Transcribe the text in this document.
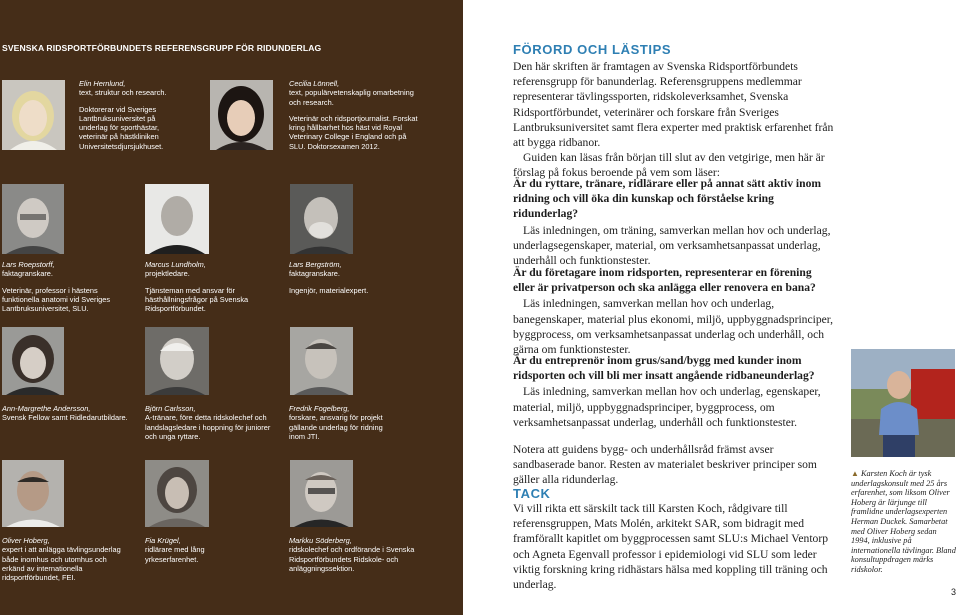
SVENSKA RIDSPORTFÖRBUNDETS REFERENSGRUPP FÖR RIDUNDERLAG
Elin Hernlund,
text, struktur och research.
Doktorerar vid Sveriges Lantbruksuniversitet på underlag för sporthästar, veterinär på hästkliniken Universitetsdjursjukhuset.
Cecilia Lönnell,
text, populärvetenskaplig omarbetning och research.
Veterinär och ridsportjournalist. Forskat kring hållbarhet hos häst vid Royal Veterinary College i England och på SLU. Doktorsexamen 2012.
Lars Roepstorff,
faktagranskare.
Veterinär, professor i hästens funktionella anatomi vid Sveriges Lantbruksuniversitet, SLU.
Marcus Lundholm,
projektledare.
Tjänsteman med ansvar för hästhållningsfrågor på Svenska Ridsportförbundet.
Lars Bergström,
faktagranskare.
Ingenjör, materialexpert.
Ann-Margrethe Andersson,
Svensk Fellow samt Ridledarutbildare.
Björn Carlsson,
A-tränare, före detta ridskolechef och landslagsledare i hoppning för juniorer och unga ryttare.
Fredrik Fogelberg,
forskare, ansvarig för projekt gällande underlag för ridning inom JTI.
Oliver Hoberg,
expert i att anlägga tävlingsunderlag både inomhus och utomhus och erkänd av internationella ridsportförbundet, FEI.
Fia Krügel,
ridlärare med lång yrkeserfarenhet.
Markku Söderberg,
ridskolechef och ordförande i Svenska Ridsportförbundets Ridskole- och anläggningssektion.
FÖRORD OCH LÄSTIPS

Den här skriften är framtagen av Svenska Ridsportförbundets referensgrupp för banunderlag. Referensgruppens medlemmar representerar tävlingssporten, ridskoleverksamhet, Svenska Ridsportförbundet, veterinärer och forskare från Sveriges Lantbruksuniversitet samt flera experter med praktisk erfarenhet från att bygga ridbanor.

Guiden kan läsas från början till slut av den vetgirige, men här är förslag på fokus beroende på vem som läser:

Är du ryttare, tränare, ridlärare eller på annat sätt aktiv inom ridning och vill öka din kunskap och förståelse kring ridunderlag?

Läs inledningen, om träning, samverkan mellan hov och underlag, underlagsegenskaper, material, om verksamhetsanpassat underlag, underhåll och funktionstester.

Är du företagare inom ridsporten, representerar en förening eller är privatperson och ska anlägga eller renovera en bana?

Läs inledningen, samverkan mellan hov och underlag, banegenskaper, material plus ekonomi, miljö, uppbyggnadsprinciper, byggprocess, om verksamhetsanpassat underlag och underhåll, och gärna om funktionstester.

Är du entreprenör inom grus/sand/bygg med kunder inom ridsporten och vill bli mer insatt angående ridbaneunderlag?

Läs inledning, samverkan mellan hov och underlag, egenskaper, material, miljö, uppbyggnadsprinciper, byggprocess, om verksamhetsanpassat underlag, underhåll och funktionstester.

Notera att guidens bygg- och underhållsråd främst avser sandbaserade banor. Resten av materialet beskriver principer som gäller alla ridunderlag.

TACK

Vi vill rikta ett särskilt tack till Karsten Koch, rådgivare till referensgruppen, Mats Molén, arkitekt SAR, som bidragit med framförallt kapitlet om byggprocessen samt SLU:s Michael Ventorp och Agneta Egenvall professor i epidemiologi vid SLU som leder viktig forskning kring ridhästars hälsa med koppling till träning och underlag.

▲ Karsten Koch är tysk underlagskonsult med 25 års erfarenhet, som liksom Oliver Hoberg är lärjunge till framlidne underlagsexperten Herman Duckek. Samarbetat med Oliver Hoberg sedan 1994, inklusive på internationella tävlingar. Bland konsultuppdragen märks ridskolor.
3
